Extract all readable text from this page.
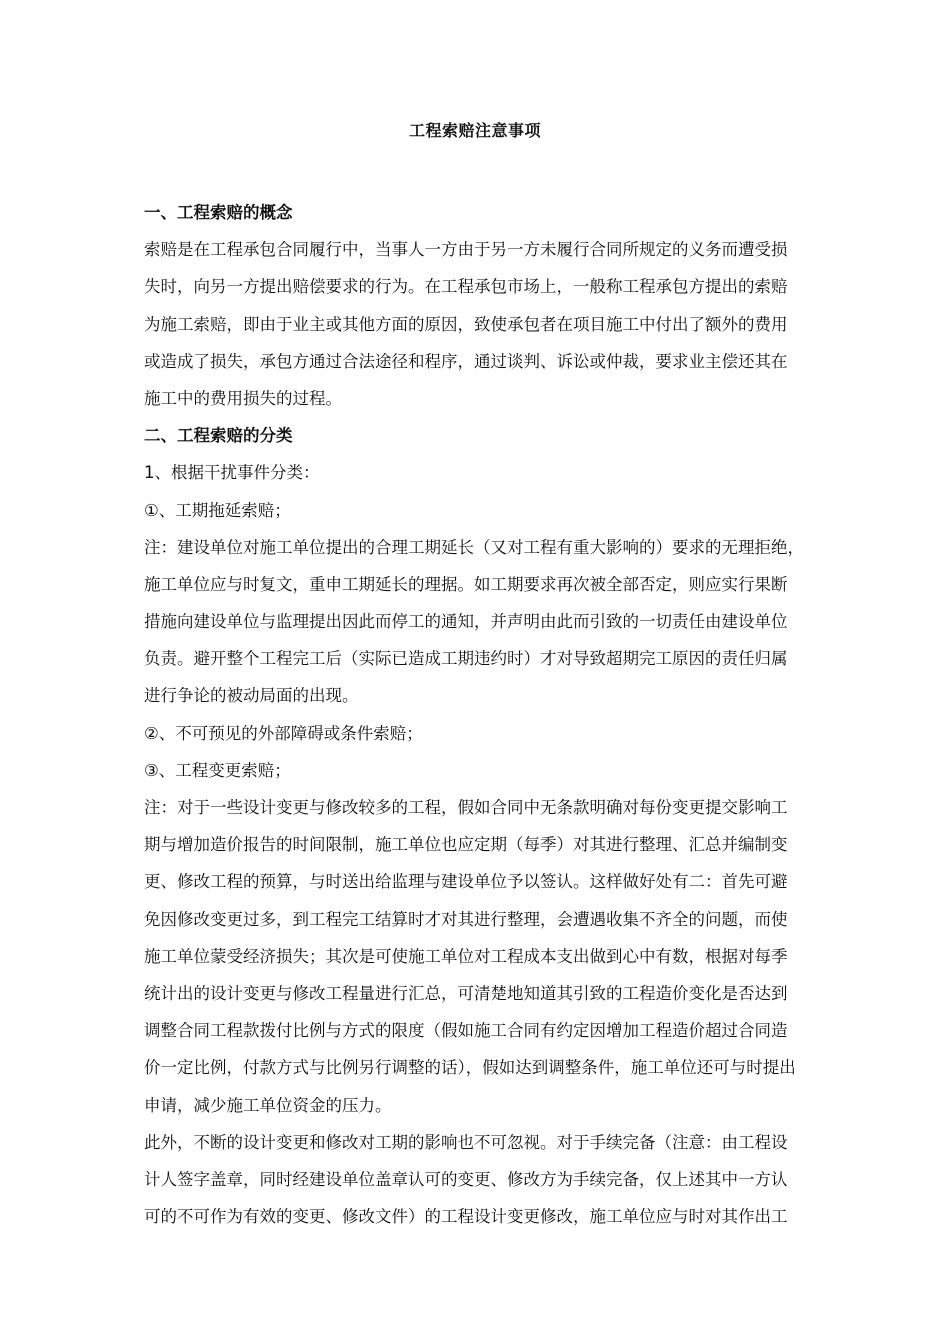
工程索赔注意事项
一、工程索赔的概念
索赔是在工程承包合同履行中，当事人一方由于另一方未履行合同所规定的义务而遭受损
失时，向另一方提出赔偿要求的行为。在工程承包市场上，一般称工程承包方提出的索赔
为施工索赔，即由于业主或其他方面的原因，致使承包者在项目施工中付出了额外的费用
或造成了损失，承包方通过合法途径和程序，通过谈判、诉讼或仲裁，要求业主偿还其在
施工中的费用损失的过程。
二、工程索赔的分类
1、根据干扰事件分类：
①、工期拖延索赔；
注：建设单位对施工单位提出的合理工期延长（又对工程有重大影响的）要求的无理拒绝，
施工单位应与时复文，重申工期延长的理据。如工期要求再次被全部否定，则应实行果断
措施向建设单位与监理提出因此而停工的通知，并声明由此而引致的一切责任由建设单位
负责。避开整个工程完工后（实际已造成工期违约时）才对导致超期完工原因的责任归属
进行争论的被动局面的出现。
②、不可预见的外部障碍或条件索赔；
③、工程变更索赔；
注：对于一些设计变更与修改较多的工程，假如合同中无条款明确对每份变更提交影响工
期与增加造价报告的时间限制，施工单位也应定期（每季）对其进行整理、汇总并编制变
更、修改工程的预算，与时送出给监理与建设单位予以签认。这样做好处有二：首先可避
免因修改变更过多，到工程完工结算时才对其进行整理，会遭遇收集不齐全的问题，而使
施工单位蒙受经济损失；其次是可使施工单位对工程成本支出做到心中有数，根据对每季
统计出的设计变更与修改工程量进行汇总，可清楚地知道其引致的工程造价变化是否达到
调整合同工程款拨付比例与方式的限度（假如施工合同有约定因增加工程造价超过合同造
价一定比例，付款方式与比例另行调整的话），假如达到调整条件，施工单位还可与时提出
申请，减少施工单位资金的压力。
此外，不断的设计变更和修改对工期的影响也不可忽视。对于手续完备（注意：由工程设
计人签字盖章，同时经建设单位盖章认可的变更、修改方为手续完备，仅上述其中一方认
可的不可作为有效的变更、修改文件）的工程设计变更修改，施工单位应与时对其作出工
